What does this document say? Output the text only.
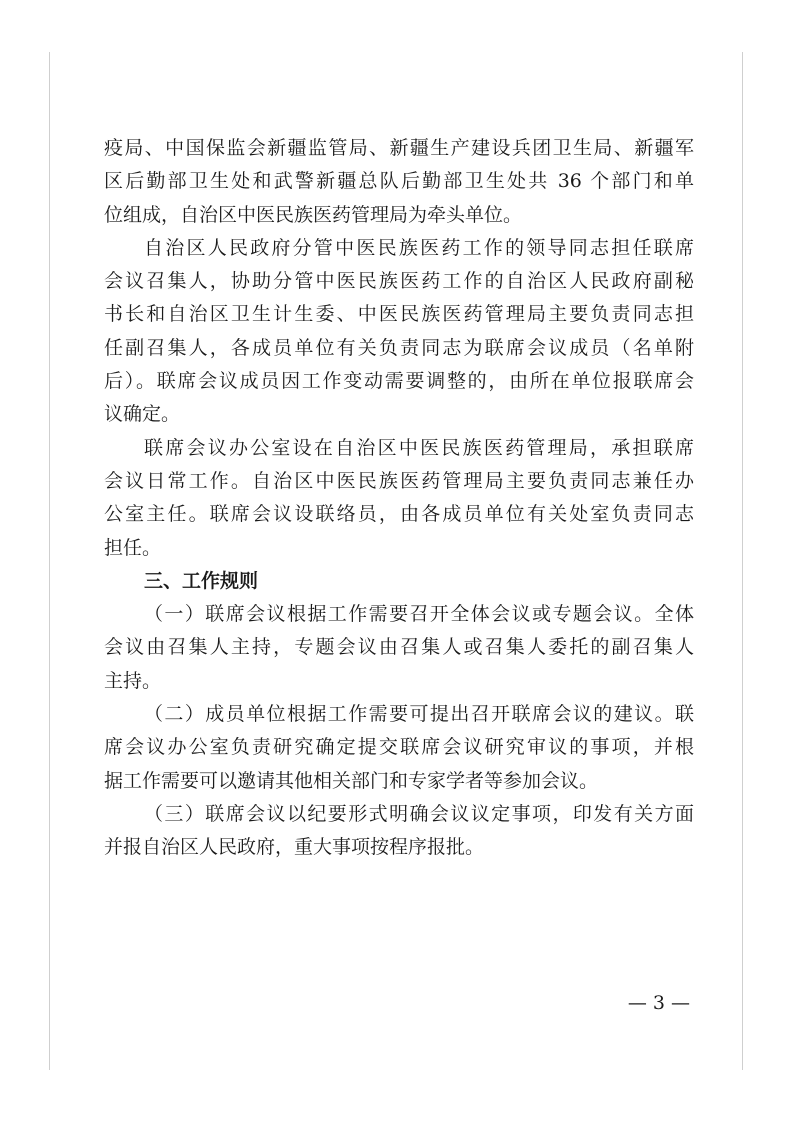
疫局、中国保监会新疆监管局、新疆生产建设兵团卫生局、新疆军
区后勤部卫生处和武警新疆总队后勤部卫生处共 36 个部门和单
位组成，自治区中医民族医药管理局为牵头单位。
自治区人民政府分管中医民族医药工作的领导同志担任联席
会议召集人，协助分管中医民族医药工作的自治区人民政府副秘
书长和自治区卫生计生委、中医民族医药管理局主要负责同志担
任副召集人，各成员单位有关负责同志为联席会议成员（名单附
后）。联席会议成员因工作变动需要调整的，由所在单位报联席会
议确定。
联席会议办公室设在自治区中医民族医药管理局，承担联席
会议日常工作。自治区中医民族医药管理局主要负责同志兼任办
公室主任。联席会议设联络员，由各成员单位有关处室负责同志
担任。
三、工作规则
（一）联席会议根据工作需要召开全体会议或专题会议。全体
会议由召集人主持，专题会议由召集人或召集人委托的副召集人
主持。
（二）成员单位根据工作需要可提出召开联席会议的建议。联
席会议办公室负责研究确定提交联席会议研究审议的事项，并根
据工作需要可以邀请其他相关部门和专家学者等参加会议。
（三）联席会议以纪要形式明确会议议定事项，印发有关方面
并报自治区人民政府，重大事项按程序报批。
— 3 —
